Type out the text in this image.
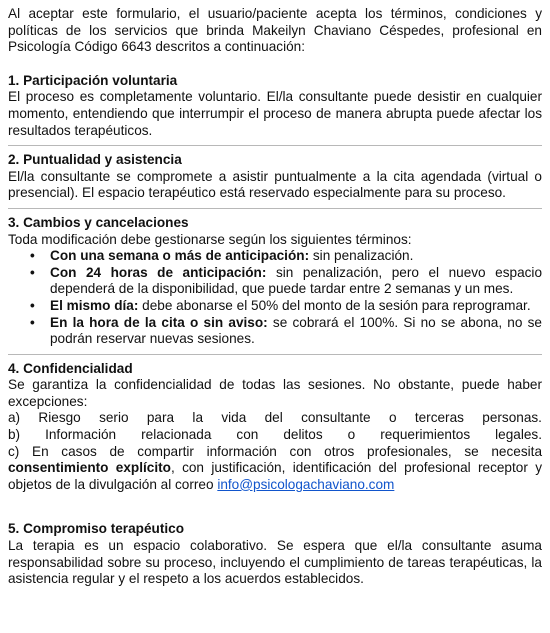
Al aceptar este formulario, el usuario/paciente acepta los términos, condiciones y políticas de los servicios que brinda Makeilyn Chaviano Céspedes, profesional en Psicología Código 6643 descritos a continuación:

1. Participación voluntaria

El proceso es completamente voluntario. El/la consultante puede desistir en cualquier momento, entendiendo que interrumpir el proceso de manera abrupta puede afectar los resultados terapéuticos.

2. Puntualidad y asistencia

El/la consultante se compromete a asistir puntualmente a la cita agendada (virtual o presencial). El espacio terapéutico está reservado especialmente para su proceso.

3. Cambios y cancelaciones

Toda modificación debe gestionarse según los siguientes términos:

• Con una semana o más de anticipación: sin penalización.
• Con 24 horas de anticipación: sin penalización, pero el nuevo espacio dependerá de la disponibilidad, que puede tardar entre 2 semanas y un mes.
• El mismo día: debe abonarse el 50% del monto de la sesión para reprogramar.
• En la hora de la cita o sin aviso: se cobrará el 100%. Si no se abona, no se podrán reservar nuevas sesiones.
4. Confidencialidad

Se garantiza la confidencialidad de todas las sesiones. No obstante, puede haber excepciones:

a) Riesgo serio para la vida del consultante o terceras personas.
b) Información relacionada con delitos o requerimientos legales.

c) En casos de compartir información con otros profesionales, se necesita consentimiento explícito, con justificación, identificación del profesional receptor y objetos de la divulgación al correo info@psicologachaviano.com

5. Compromiso terapéutico

La terapia es un espacio colaborativo. Se espera que el/la consultante asuma responsabilidad sobre su proceso, incluyendo el cumplimiento de tareas terapéuticas, la asistencia regular y el respeto a los acuerdos establecidos.
